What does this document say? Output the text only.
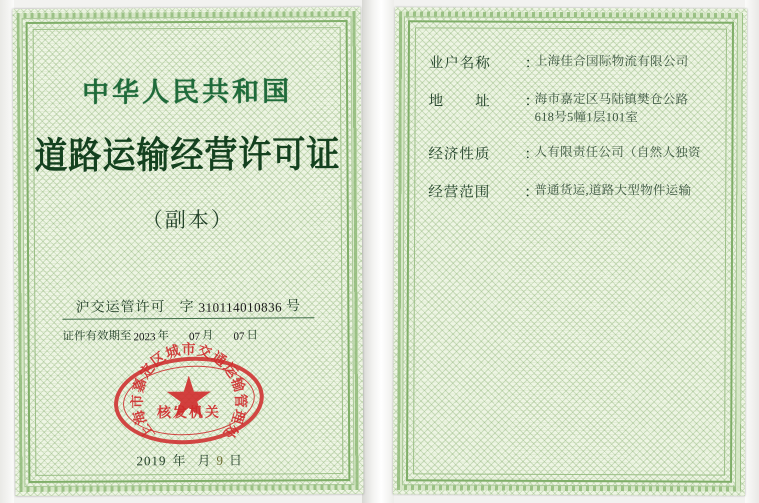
中华人民共和国
道路运输经营许可证
（副本）
沪交运管许可 字 310114010836 号
证件有效期至 2023 年 07 月 07 日
上
海
市
嘉
定
区
城 市 交
通
运
输
管
理
处
核发机关
2019 年 月 9 日
业户名称	：
上海佳合国际物流有限公司
地　　址	：
海市嘉定区马陆镇樊仓公路
618号5幢1层101室
经济性质	：
人有限责任公司（自然人独资
经营范围	：
普通货运,道路大型物件运输
